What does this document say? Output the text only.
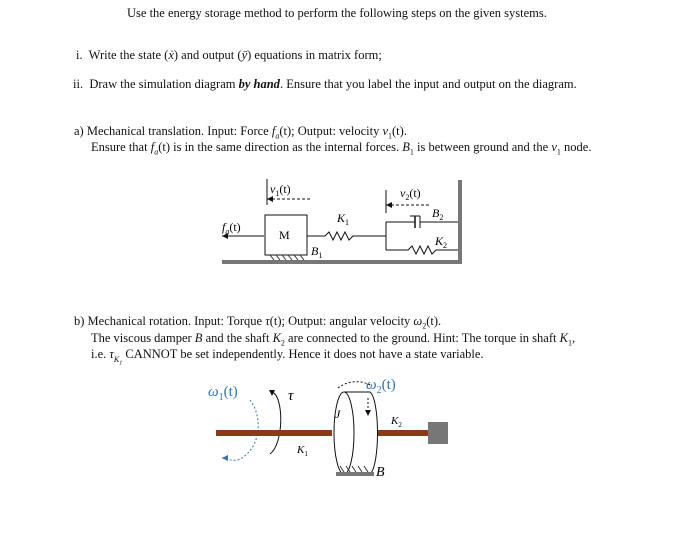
Use the energy storage method to perform the following steps on the given systems.
i. Write the state (ẋ) and output (ȳ) equations in matrix form;
ii. Draw the simulation diagram by hand. Ensure that you label the input and output on the diagram.
a) Mechanical translation. Input: Force $f_a(t)$; Output: velocity $v_1(t)$.
Ensure that $f_a(t)$ is in the same direction as the internal forces. $B_1$ is between ground and the $v_1$ node.
$v_1(t)$
$f_a(t)$
M
$B_1$
$K_1$
$v_2(t)$
$B_2$
$K_2$
b) Mechanical rotation. Input: Torque τ(t); Output: angular velocity $\omega_2(t)$.
The viscous damper B and the shaft $K_2$ are connected to the ground. Hint: The torque in shaft $K_1$,
i.e. $\tau_{K_1}$ CANNOT be set independently. Hence it does not have a state variable.
$\omega_1(t)$	τ
$K_1$
$K_2$
J
$\omega_2(t)$
B
